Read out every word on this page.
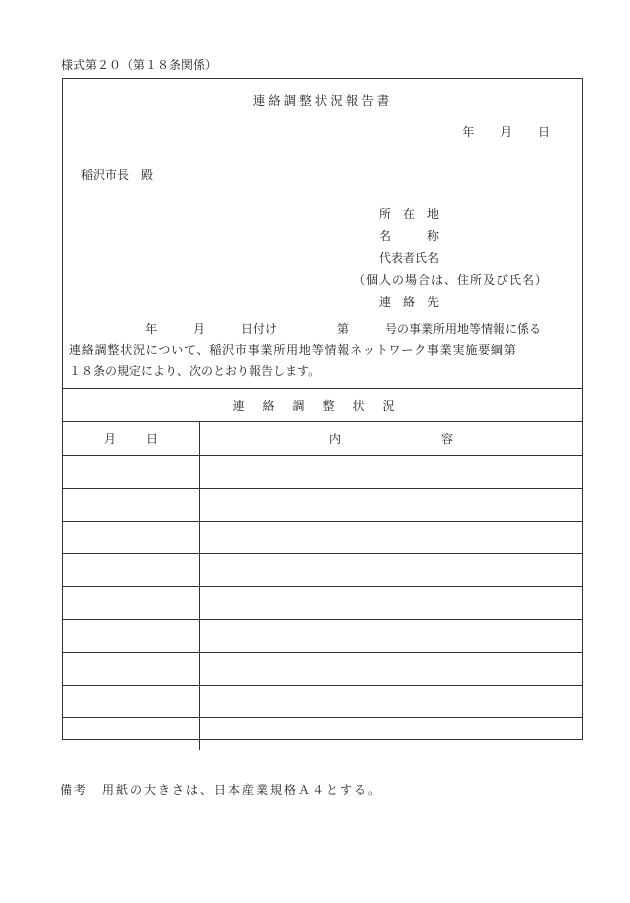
様式第２０（第１８条関係）
連絡調整状況報告書
年 月 日
稲沢市長　殿
所　在　地
名　　　称
代表者氏名
（個人の場合は、住所及び氏名）
連　絡　先
年　　　月　　　日付け　　　　　第　　　号の事業所用地等情報に係る
連絡調整状況について、稲沢市事業所用地等情報ネットワーク事業実施要綱第
１８条の規定により、次のとおり報告します。
連絡調整状況
月日	内容
備考　用紙の大きさは、日本産業規格Ａ４とする。
